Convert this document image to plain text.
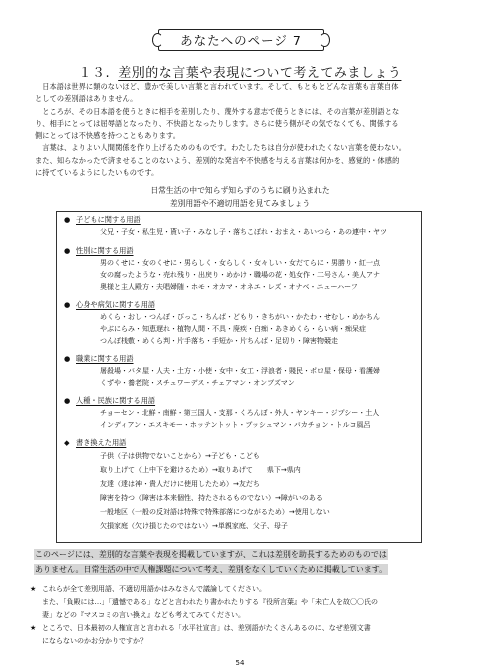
あなたへのページ 7
１３. 差別的な言葉や表現について考えてみましょう
日本語は世界に類のないほど、豊かで美しい言葉と言われています。そして、もともとどんな言葉も言葉自体
としての差別語はありません。
ところが、その日本語を使うときに相手を差別したり、蔑外する意志で使うときには、その言葉が差別語とな
り、相手にとっては屈辱語となったり、不快語となったりします。さらに使う側がその気でなくても、関係する
側にとっては不快感を持つこともあります。
言葉は、よりよい人間関係を作り上げるためのものです。わたしたちは自分が使われたくない言葉を使わない。
また、知らなかったで済ませることのないよう、差別的な発言や不快感を与える言葉は何かを、感覚的・体感的
に持てているようにしたいものです。
日常生活の中で知らず知らずのうちに刷り込まれた
差別用語や不適切用語を見てみましょう
● 子どもに関する用語
父兄・子女・私生児・貰い子・みなし子・落ちこぼれ・おまえ・あいつら・あの連中・ヤツ
● 性別に関する用語
男のくせに・女のくせに・男らしく・女らしく・女々しい・女だてらに・男勝り・紅一点
女の腐ったような・売れ残り・出戻り・めかけ・職場の花・処女作・二号さん・美人アナ
奥様と主人殿方・夫唱婦随・ホモ・オカマ・オネエ・レズ・オナベ・ニューハーフ
● 心身や病気に関する用語
めくら・おし・つんぼ・びっこ・ちんば・どもり・きちがい・かたわ・せむし・めかちん
やぶにらみ・知恵遅れ・植物人間・不具・廃疾・白痴・あきめくら・らい病・痴呆症
つんぼ桟敷・めくら判・片手落ち・手短か・片ちんば・足切り・障害物競走
● 職業に関する用語
屠殺場・バタ屋・人夫・土方・小使・女中・女工・浮浪者・賤民・ポロ屋・保母・看護婦
くずや・養老院・スチュワーデス・チェアマン・オンブズマン
● 人種・民族に関する用語
チョーセン・北鮮・南鮮・第三国人・支那・くろんぼ・外人・ヤンキー・ジプシー・土人
インディアン・エスキモー・ホッテントット・ブッシュマン・バカチョン・トルコ風呂
◆ 書き換えた用語
子供（子は供物でないことから）→子ども・こども
取り上げて（上中下を避けるため）→取りあげて　　県下→県内
友達（達は神・貴人だけに使用したため）→友だち
障害を持つ（障害は本来個性、持たされるものでない）→障がいのある
一般地区（一般の反対語は特殊で特殊部落につながるため）→使用しない
欠損家庭（欠け損じたのではない）→単親家庭、父子、母子
このページには、差別的な言葉や表現を掲載していますが、これは差別を助長するためのものでは
ありません。日常生活の中で人権課題について考え、差別をなくしていくために掲載しています。
★ これらが全て差別用語、不適切用語かはみなさんで議論してください。
また、「負殿には…」「遺憾である」などと言われたり書かれたりする『役所言葉』や「未亡人を故〇〇氏の
妻」などの『マスコミの言い換え』なども考えてみてください。
★ ところで、日本最初の人権宣言と言われる「水平社宣言」は、差別語がたくさんあるのに、なぜ差別文書
にならないのかお分かりですか？
54
